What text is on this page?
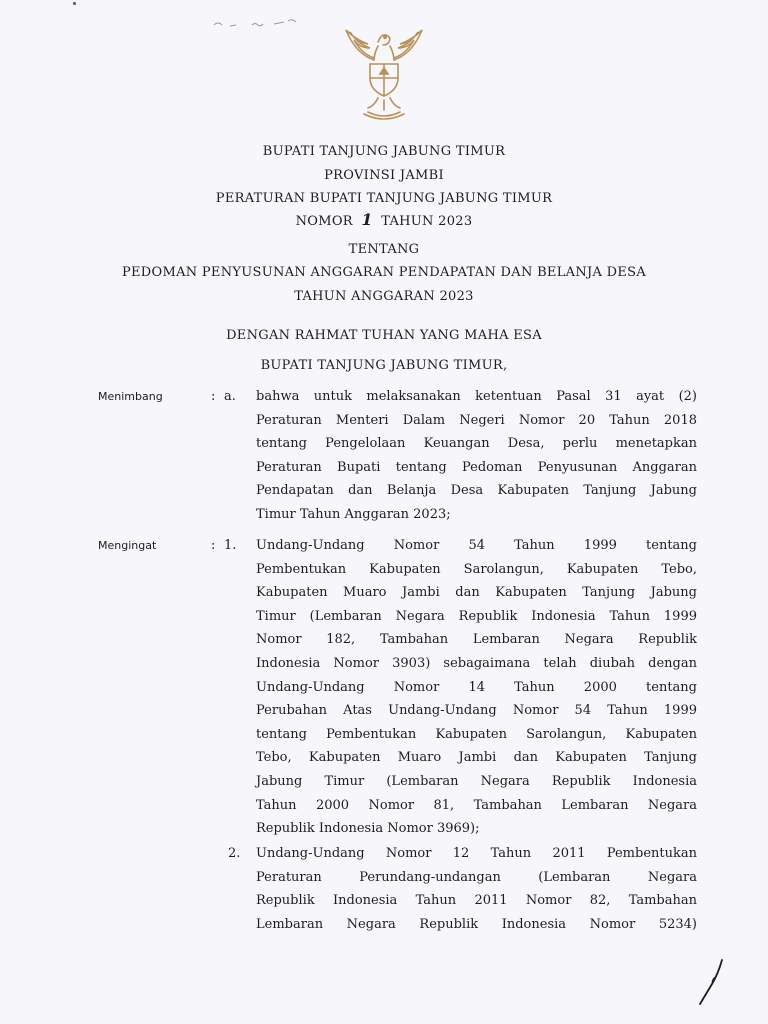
BUPATI TANJUNG JABUNG TIMUR
PROVINSI JAMBI
PERATURAN BUPATI TANJUNG JABUNG TIMUR
NOMOR 1 TAHUN 2023
TENTANG
PEDOMAN PENYUSUNAN ANGGARAN PENDAPATAN DAN BELANJA DESA
TAHUN ANGGARAN 2023
DENGAN RAHMAT TUHAN YANG MAHA ESA
BUPATI TANJUNG JABUNG TIMUR,
Menimbang	: a. bahwa untuk melaksanakan ketentuan Pasal 31 ayat (2)
Peraturan Menteri Dalam Negeri Nomor 20 Tahun 2018
tentang Pengelolaan Keuangan Desa, perlu menetapkan
Peraturan Bupati tentang Pedoman Penyusunan Anggaran
Pendapatan dan Belanja Desa Kabupaten Tanjung Jabung
Timur Tahun Anggaran 2023;
Mengingat	: 1. Undang-Undang Nomor 54 Tahun 1999 tentang
Pembentukan Kabupaten Sarolangun, Kabupaten Tebo,
Kabupaten Muaro Jambi dan Kabupaten Tanjung Jabung
Timur (Lembaran Negara Republik Indonesia Tahun 1999
Nomor 182, Tambahan Lembaran Negara Republik
Indonesia Nomor 3903) sebagaimana telah diubah dengan
Undang-Undang Nomor 14 Tahun 2000 tentang
Perubahan Atas Undang-Undang Nomor 54 Tahun 1999
tentang Pembentukan Kabupaten Sarolangun, Kabupaten
Tebo, Kabupaten Muaro Jambi dan Kabupaten Tanjung
Jabung Timur (Lembaran Negara Republik Indonesia
Tahun 2000 Nomor 81, Tambahan Lembaran Negara
Republik Indonesia Nomor 3969);
2. Undang-Undang Nomor 12 Tahun 2011 Pembentukan
Peraturan Perundang-undangan (Lembaran Negara
Republik Indonesia Tahun 2011 Nomor 82, Tambahan
Lembaran Negara Republik Indonesia Nomor 5234)
